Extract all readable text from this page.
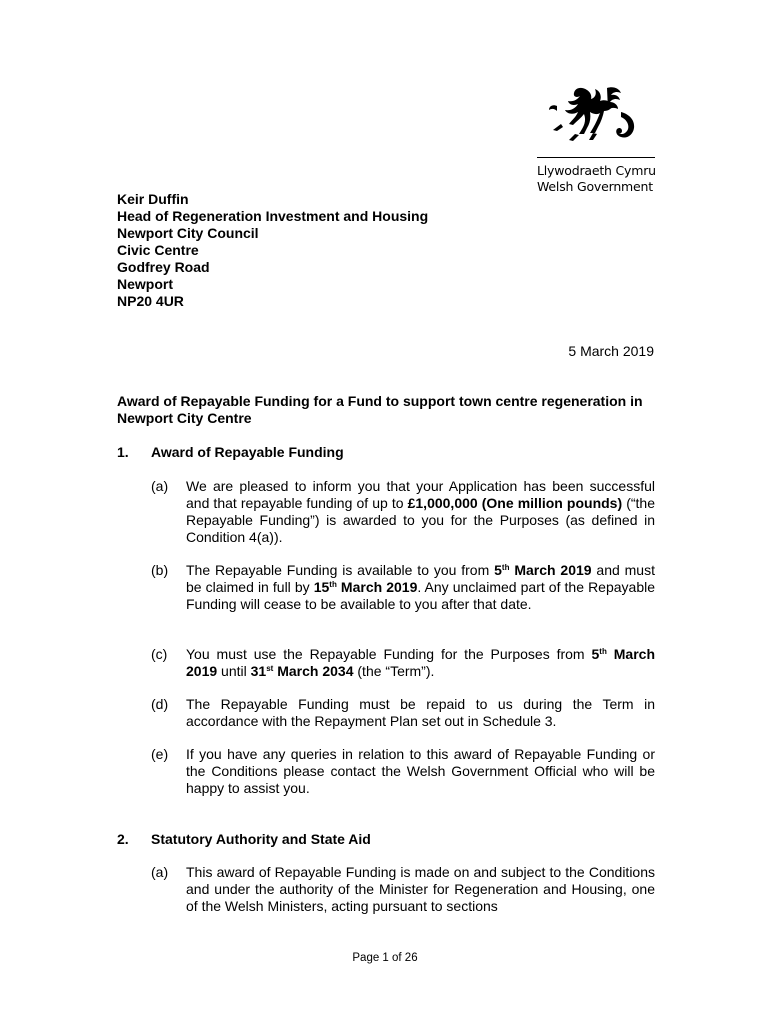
Llywodraeth Cymru
Welsh Government
Keir Duffin
Head of Regeneration Investment and Housing
Newport City Council
Civic Centre
Godfrey Road
Newport
NP20 4UR
5 March 2019
Award of Repayable Funding for a Fund to support town centre regeneration in Newport City Centre
1. Award of Repayable Funding
(a) We are pleased to inform you that your Application has been successful and that repayable funding of up to £1,000,000 (One million pounds) (“the Repayable Funding”) is awarded to you for the Purposes (as defined in Condition 4(a)).
(b) The Repayable Funding is available to you from 5th March 2019 and must be claimed in full by 15th March 2019. Any unclaimed part of the Repayable Funding will cease to be available to you after that date.
(c) You must use the Repayable Funding for the Purposes from 5th March 2019 until 31st March 2034 (the “Term”).
(d) The Repayable Funding must be repaid to us during the Term in accordance with the Repayment Plan set out in Schedule 3.
(e) If you have any queries in relation to this award of Repayable Funding or the Conditions please contact the Welsh Government Official who will be happy to assist you.
2. Statutory Authority and State Aid
(a) This award of Repayable Funding is made on and subject to the Conditions and under the authority of the Minister for Regeneration and Housing, one of the Welsh Ministers, acting pursuant to sections
Page 1 of 26
